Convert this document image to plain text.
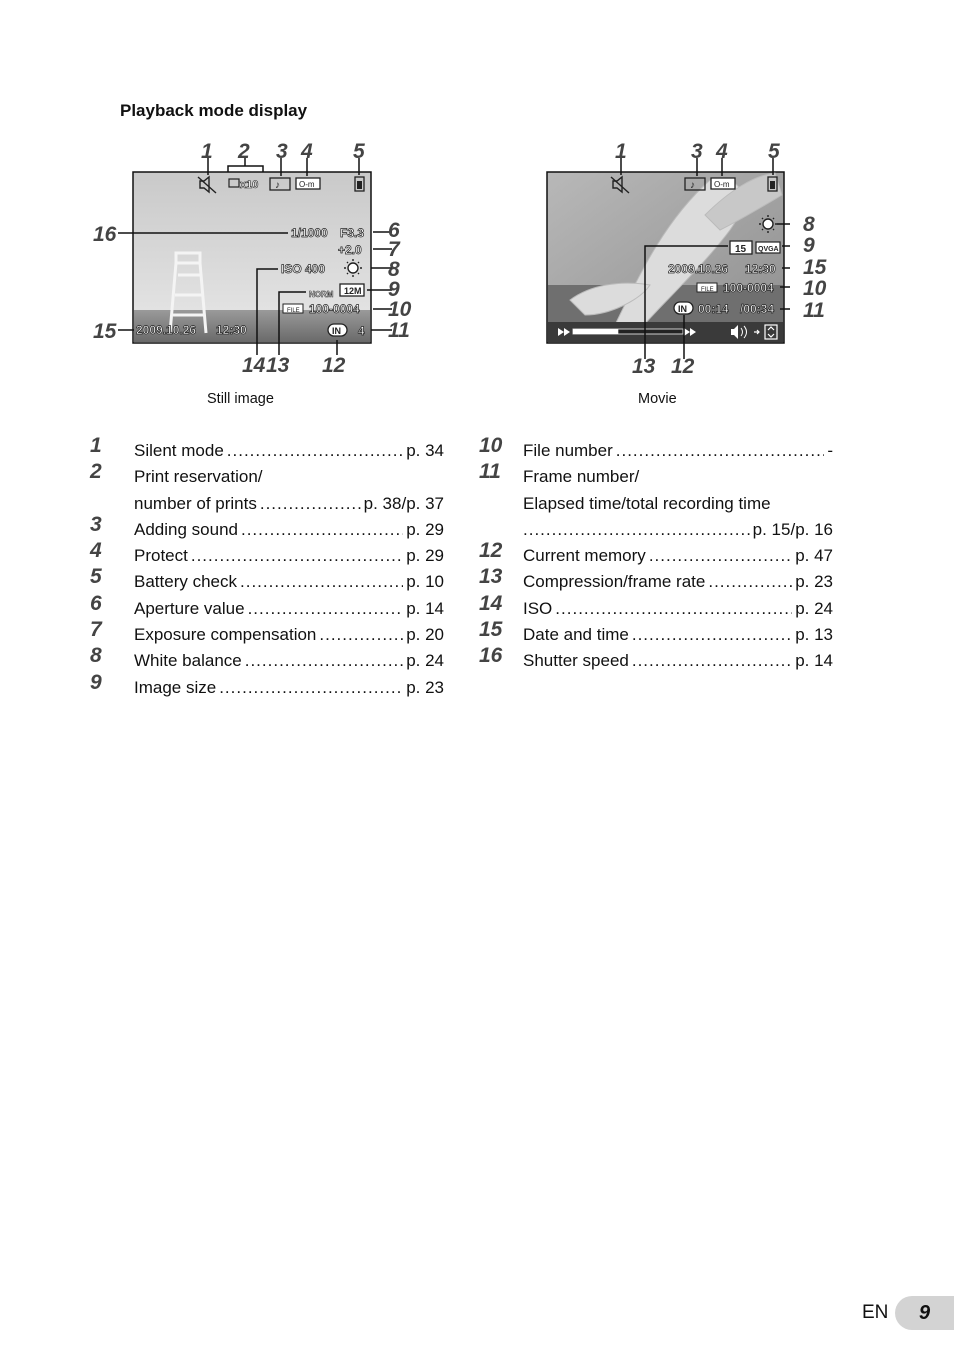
Playback mode display
x10 ♪ O-m
1/1000 F3.3
+2.0
ISO 400
NORM 12M
FILE 100-0004
2009.10.26 12:30	IN 4
1 2 3 4 5
6
7
8
9
10
11
12
13
14
15
16
♪ O-m
15 QVGA
2009.10.26 12:30
FILE 100-0004
IN 00:14 /00:34
1	3 4 5
8
9
15
10
11
13 12
Still image	Movie
1 Silent mode .....	p. 34
2 Print reservation/
number of prints .....	p. 38/p. 37
3 Adding sound .....	p. 29
4 Protect .....	p. 29
5 Battery check .....	p. 10
6 Aperture value .....	p. 14
7 Exposure compensation .....	p. 20
8 White balance .....	p. 24
9 Image size .....	p. 23
10 File number .....	-
11 Frame number/
Elapsed time/total recording time
.....
p. 15/p. 16
12 Current memory .....	p. 47
13 Compression/frame rate .....	p. 23
14 ISO .....	p. 24
15 Date and time .....	p. 13
16 Shutter speed .....	p. 14
EN	9
